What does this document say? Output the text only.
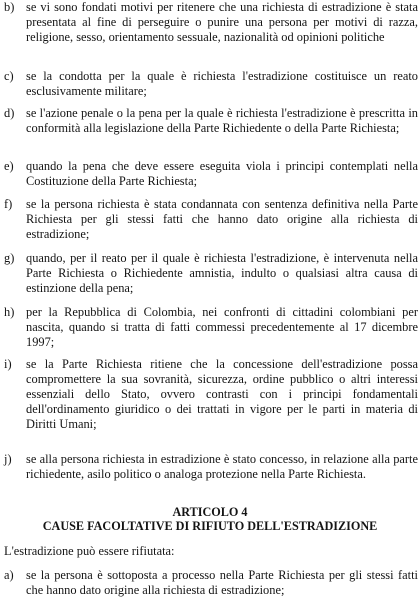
b) se vi sono fondati motivi per ritenere che una richiesta di estradizione è stata presentata al fine di perseguire o punire una persona per motivi di razza, religione, sesso, orientamento sessuale, nazionalità od opinioni politiche
c) se la condotta per la quale è richiesta l'estradizione costituisce un reato esclusivamente militare;
d) se l'azione penale o la pena per la quale è richiesta l'estradizione è prescritta in conformità alla legislazione della Parte Richiedente o della Parte Richiesta;
e) quando la pena che deve essere eseguita viola i principi contemplati nella Costituzione della Parte Richiesta;
f)	se la persona richiesta è stata condannata con sentenza definitiva nella Parte Richiesta per gli stessi fatti che hanno dato origine alla richiesta di estradizione;
g) quando, per il reato per il quale è richiesta l'estradizione, è intervenuta nella Parte Richiesta o Richiedente amnistia, indulto o qualsiasi altra causa di estinzione della pena;
h) per la Repubblica di Colombia, nei confronti di cittadini colombiani per nascita, quando si tratta di fatti commessi precedentemente al 17 dicembre 1997;
i)	se la Parte Richiesta ritiene che la concessione dell'estradizione possa compromettere la sua sovranità, sicurezza, ordine pubblico o altri interessi essenziali dello Stato, ovvero contrasti con i principi fondamentali dell'ordinamento giuridico o dei trattati in vigore per le parti in materia di Diritti Umani;
j)	se alla persona richiesta in estradizione è stato concesso, in relazione alla parte richiedente, asilo politico o analoga protezione nella Parte Richiesta.
ARTICOLO 4
CAUSE FACOLTATIVE DI RIFIUTO DELL'ESTRADIZIONE
L'estradizione può essere rifiutata:
a) se la persona è sottoposta a processo nella Parte Richiesta per gli stessi fatti che hanno dato origine alla richiesta di estradizione;
